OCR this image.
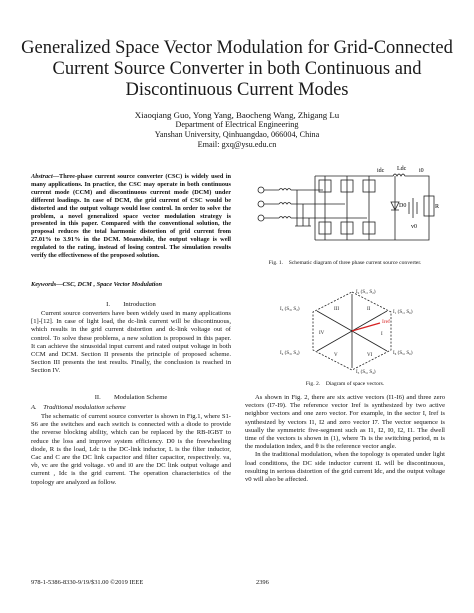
Generalized Space Vector Modulation for Grid-Connected Current Source Converter in both Continuous and Discontinuous Current Modes
Xiaoqiang Guo, Yong Yang, Baocheng Wang, Zhigang Lu
Department of Electrical Engineering
Yanshan University, Qinhuangdao, 066004, China
Email: gxq@ysu.edu.cn
Abstract—Three-phase current source converter (CSC) is widely used in many applications. In practice, the CSC may operate in both continuous current mode (CCM) and discontinuous current mode (DCM) under different loadings. In case of DCM, the grid current of CSC would be distorted and the output voltage would lose control. In order to solve the problem, a novel generalized space vector modulation strategy is presented in this paper. Compared with the conventional solution, the proposal reduces the total harmonic distortion of grid current from 27.01% to 3.91% in the DCM. Meanwhile, the output voltage is well regulated to the rating, instead of losing control. The simulation results verify the effectiveness of the proposed solution.
Keywords—CSC, DCM , Space Vector Modulation

I.  Introduction

Current source converters have been widely used in many applications [1]-[12]. In case of light load, the dc-link current will be discontinuous, which results in the grid current distortion and dc-link voltage out of control. To solve these problems, a new solution is proposed in this paper. It can achieve the sinusoidal input current and rated output voltage in both CCM and DCM. Section II presents the principle of proposed scheme. Section III presents the test results. Finally, the conclusion is reached in Section IV.

II.  Modulation Scheme

A. Traditional modulation scheme

The schematic of current source converter is shown in Fig.1, where S1-S6 are the switches and each switch is connected with a diode to provide the reverse blocking ability, which can be replaced by the RB-IGBT to reduce the loss and improve system efficiency. D0 is the freewheeling diode, R is the load, Ldc is the DC-link inductor, L is the filter inductor, Cac and C are the DC link capacitor and filter capacitor, respectively. va, vb, vc are the grid voltage. v0 and i0 are the DC link output voltage and current , Idc is the grid current. The operation characteristics of the topology are analyzed as follow.

Ldc
D0
idc	i0
v0
R
Fig. 1. Schematic diagram of three phase current source converter.
Iref
I₁ (S₁, S₆)
I₂ (S₁, S₂)
I₃ (S₃, S₂)
I₄ (S₃, S₄)
I₅ (S₅, S₄)
I₆ (S₅, S₆)
I
II
III
IV
V	VI
Fig. 2. Diagram of space vectors.

As shown in Fig. 2, there are six active vectors (I1-I6) and three zero vectors (I7-I9). The reference vector Iref is synthesized by two active neighbor vectors and one zero vector. For example, in the sector I, Iref is synthesized by vectors I1, I2 and zero vector I7. The vector sequence is usually the symmetric five-segment such as I1, I2, I0, I2, I1. The dwell time of the vectors is shown in (1), where Ts is the switching period, m is the modulation index, and θ is the reference vector angle.

In the traditional modulation, when the topology is operated under light load conditions, the DC side inductor current iL will be discontinuous, resulting in serious distortion of the grid current Idc, and the output voltage v0 will also be affected.

978-1-5386-8330-9/19/$31.00 ©2019 IEEE	2396
